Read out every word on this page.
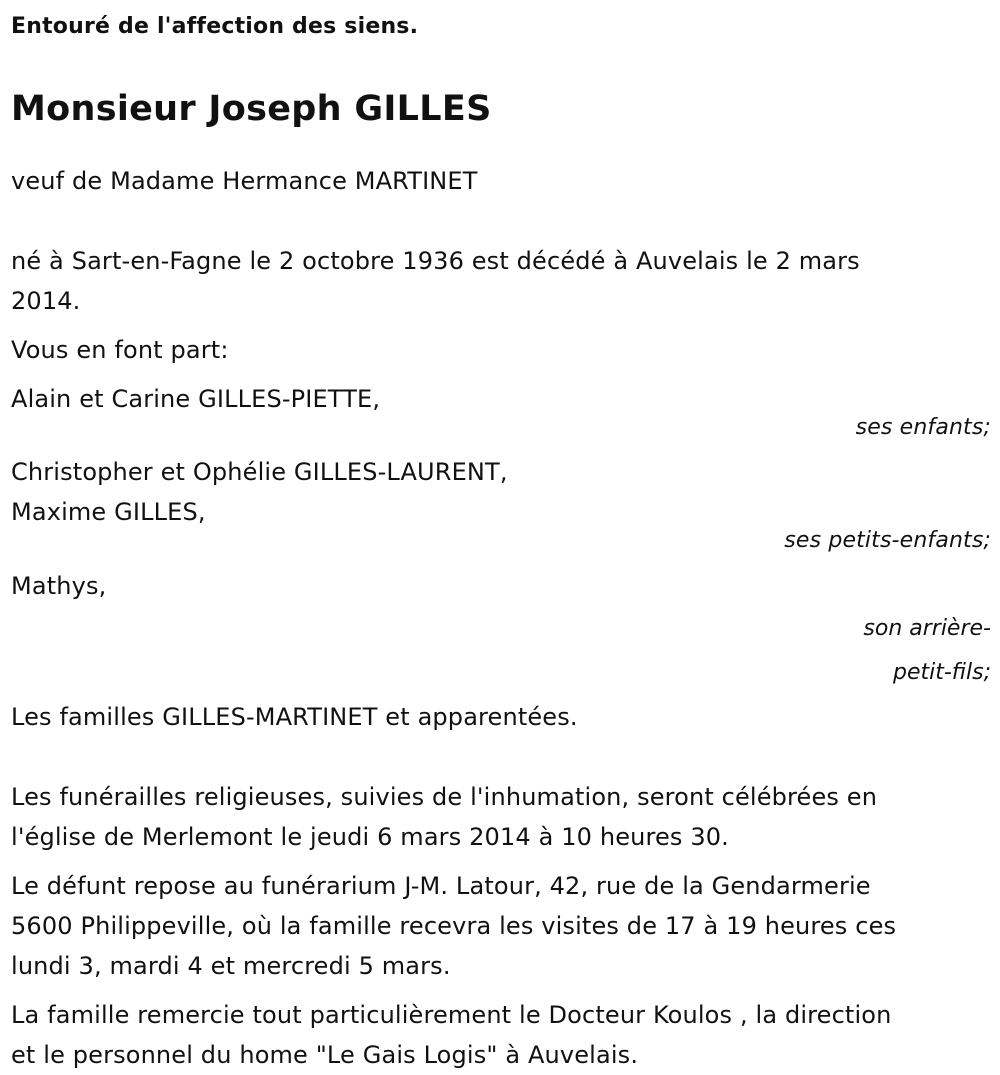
Entouré de l'affection des siens.
Monsieur Joseph GILLES

veuf de Madame Hermance MARTINET

né à Sart-en-Fagne le 2 octobre 1936 est décédé à Auvelais le 2 mars

2014.

Vous en font part:

Alain et Carine GILLES-PIETTE,

ses enfants;

Christopher et Ophélie GILLES-LAURENT,

Maxime GILLES,

ses petits-enfants;

Mathys,

son arrière-
petit-fils;

Les familles GILLES-MARTINET et apparentées.

Les funérailles religieuses, suivies de l'inhumation, seront célébrées en

l'église de Merlemont le jeudi 6 mars 2014 à 10 heures 30.

Le défunt repose au funérarium J-M. Latour, 42, rue de la Gendarmerie

5600 Philippeville, où la famille recevra les visites de 17 à 19 heures ces

lundi 3, mardi 4 et mercredi 5 mars.

La famille remercie tout particulièrement le Docteur Koulos , la direction

et le personnel du home "Le Gais Logis" à Auvelais.
